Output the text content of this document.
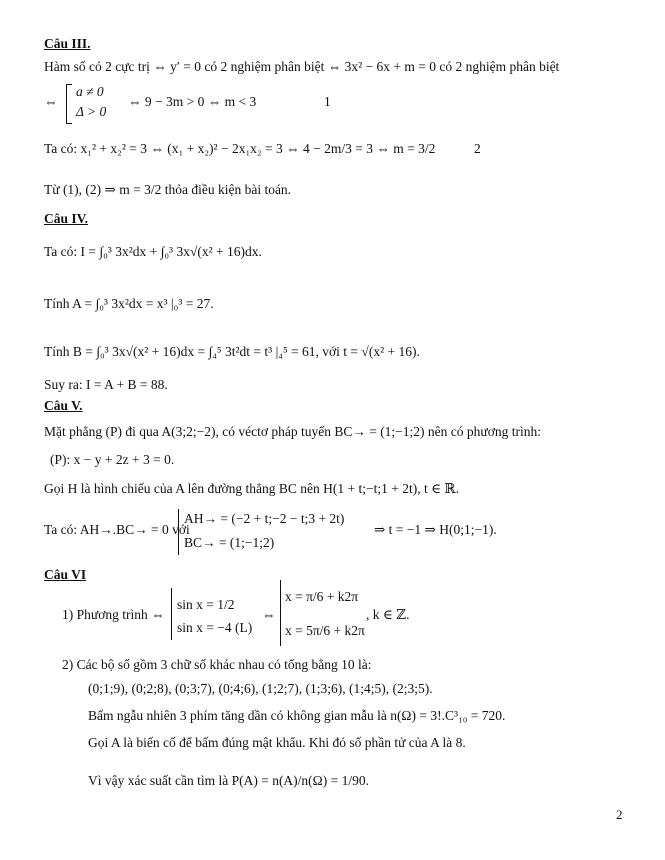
Câu III.
Hàm số có 2 cực trị ⇔ y′ = 0 có 2 nghiệm phân biệt ⇔ 3x² − 6x + m = 0 có 2 nghiệm phân biệt
⇔
a ≠ 0
Δ > 0
⇔ 9 − 3m > 0 ⇔ m < 3	1
Ta có: x₁² + x₂² = 3 ⇔ (x₁ + x₂)² − 2x₁x₂ = 3 ⇔ 4 − 2m/3 = 3 ⇔ m = 3/2	2
Từ (1), (2) ⇒ m = 3/2 thỏa điều kiện bài toán.
Câu IV.
Ta có: I = ∫₀³ 3x²dx + ∫₀³ 3x√(x² + 16)dx.
Tính A = ∫₀³ 3x²dx = x³ |₀³ = 27.
Tính B = ∫₀³ 3x√(x² + 16)dx = ∫₄⁵ 3t²dt = t³ |₄⁵ = 61, với t = √(x² + 16).
Suy ra: I = A + B = 88.
Câu V.
Mặt phẳng (P) đi qua A(3;2;−2), có véctơ pháp tuyến BC→ = (1;−1;2) nên có phương trình:
(P): x − y + 2z + 3 = 0.
Gọi H là hình chiếu của A lên đường thẳng BC nên H(1 + t;−t;1 + 2t), t ∈ ℝ.
Ta có: AH→.BC→ = 0 với
AH→ = (−2 + t;−2 − t;3 + 2t)
BC→ = (1;−1;2)
⇒ t = −1 ⇒ H(0;1;−1).
Câu VI
1) Phương trình ⇔
sin x = 1/2
sin x = −4 (L)
⇔
x = π/6 + k2π
x = 5π/6 + k2π
, k ∈ ℤ.
2) Các bộ số gồm 3 chữ số khác nhau có tổng bằng 10 là:
(0;1;9), (0;2;8), (0;3;7), (0;4;6), (1;2;7), (1;3;6), (1;4;5), (2;3;5).
Bấm ngẫu nhiên 3 phím tăng dần có không gian mẫu là n(Ω) = 3!.C³₁₀ = 720.
Gọi A là biến cố để bấm đúng mật khẩu. Khi đó số phần tử của A là 8.
Vì vậy xác suất cần tìm là P(A) = n(A)/n(Ω) = 1/90.
2
